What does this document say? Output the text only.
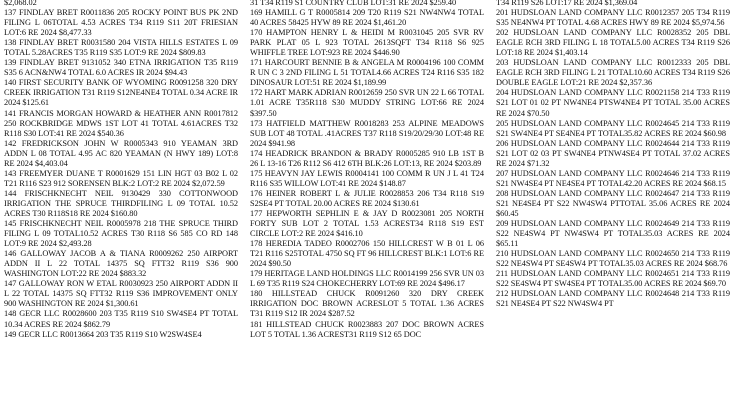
$2,068.02

137 FINDLAY BRET R0011836 205 ROCKY POINT BUS PK 2ND FILING L 06TOTAL 4.53 ACRES T34 R119 S11 20T FRIESIAN LOT:6 RE 2024 $8,477.33

138 FINDLAY BRET R0031580 204 VISTA HILLS ESTATES L 09 TOTAL 5.28ACRES T35 R119 S35 LOT:9 RE 2024 $809.83

139 FINDLAY BRET 9131052 340 ETNA IRRIGATION T35 R119 S35 6 ACN&NW4 TOTAL 6.0 ACRES IR 2024 $94.43

140 FIRST SECURITY BANK OF WYOMING R0091258 320 DRY CREEK IRRIGATION T31 R119 S12NE4NE4 TOTAL 0.34 ACRE IR 2024 $125.61

141 FRANCIS MORGAN HOWARD & HEATHER ANN R0017812 250 ROCKBRIDGE MDWS 1ST LOT 41 TOTAL 4.61ACRES T32 R118 S30 LOT:41 RE 2024 $540.36

142 FREDRICKSON JOHN W R0005343 910 YEAMAN 3RD ADDN L 08 TOTAL 4.95 AC 820 YEAMAN (N HWY 189) LOT:8 RE 2024 $4,403.04

143 FREEMYER DUANE T R0001629 151 LIN HGT 03 B02 L 02 T21 R116 S23 912 SORENSEN BLK:2 LOT:2 RE 2024 $2,072.59

144 FRISCHKNECHT NEIL 9130429 330 COTTONWOOD IRRIGATION THE SPRUCE THIRDFILING L 09 TOTAL 10.52 ACRES T30 R118S18 RE 2024 $160.80

145 FRISCHKNECHT NEIL R0005978 218 THE SPRUCE THIRD FILING L 09 TOTAL10.52 ACRES T30 R118 S6 585 CO RD 148 LOT:9 RE 2024 $2,493.28

146 GALLOWAY JACOB A & TIANA R0009262 250 AIRPORT ADDN II L 22 TOTAL 14375 SQ FTT32 R119 S36 900 WASHINGTON LOT:22 RE 2024 $883.32

147 GALLOWAY RON W ETAL R0030923 250 AIRPORT ADDN II L 22 TOTAL 14375 SQ FTT32 R119 S36 IMPROVEMENT ONLY 900 WASHINGTON RE 2024 $1,300.61

148 GECR LLC R0028600 203 T35 R119 S10 SW4SE4 PT TOTAL 10.34 ACRES RE 2024 $862.79

149 GECR LLC R0013664 203 T35 R119 S10 W2SW4SE4

31 T34 R119 S1 COUNTRY CLUB LOT:31 RE 2024 $259.40

169 HAMILL G T R0005814 209 T20 R119 S21 NW4NW4 TOTAL 40 ACRES 58425 HYW 89 RE 2024 $1,461.20

170 HAMPTON HENRY L & HEIDI M R0031045 205 SVR RV PARK PLAT 05 L 923 TOTAL 2613SQFT T34 R118 S6 925 WHIFFLE TREE LOT:923 RE 2024 $446.90

171 HARCOURT BENNIE B & ANGELA M R0004196 100 COMM R UN C 3 2ND FILING L 51 TOTAL4.66 ACRES T24 R116 S35 182 DINOSAUR LOT:51 RE 2024 $1,189.99

172 HART MARK ADRIAN R0012659 250 SVR UN 22 L 66 TOTAL 1.01 ACRE T35R118 S30 MUDDY STRING LOT:66 RE 2024 $397.50

173 HATFIELD MATTHEW R0018283 253 ALPINE MEADOWS SUB LOT 48 TOTAL .41ACRES T37 R118 S19/20/29/30 LOT:48 RE 2024 $941.98

174 HEADRICK BRANDON & BRADY R0005285 910 LB 1ST B 26 L 13-16 T26 R112 S6 412 6TH BLK:26 LOT:13, RE 2024 $203.89

175 HEAVYN JAY LEWIS R0004141 100 COMM R UN J L 41 T24 R116 S35 WILLOW LOT:41 RE 2024 $148.87

176 HEINER ROBERT L & JULIE R0028853 206 T34 R118 S19 S2SE4 PT TOTAL 20.00 ACRES RE 2024 $130.61

177 HEPWORTH SEPHLIN E & JAY D R0023081 205 NORTH FORTY SUB LOT 2 TOTAL 1.53 ACREST34 R118 S19 EST CIRCLE LOT:2 RE 2024 $416.10

178 HEREDIA TADEO R0002706 150 HILLCREST W B 01 L 06 T21 R116 S25TOTAL 4750 SQ FT 96 HILLCREST BLK:1 LOT:6 RE 2024 $90.50

179 HERITAGE LAND HOLDINGS LLC R0014199 256 SVR UN 03 L 69 T35 R119 S24 CHOKECHERRY LOT:69 RE 2024 $496.17

180 HILLSTEAD CHUCK R0091260 320 DRY CREEK IRRIGATION DOC BROWN ACRESLOT 5 TOTAL 1.36 ACRES T31 R119 S12 IR 2024 $287.52

181 HILLSTEAD CHUCK R0023883 207 DOC BROWN ACRES LOT 5 TOTAL 1.36 ACREST31 R119 S12 65 DOC

T34 R119 S26 LOT:17 RE 2024 $1,369.04

201 HUDSLOAN LAND COMPANY LLC R0012357 205 T34 R119 S35 NE4NW4 PT TOTAL 4.68 ACRES HWY 89 RE 2024 $5,974.56

202 HUDSLOAN LAND COMPANY LLC R0028352 205 DBL EAGLE RCH 3RD FILING L 18 TOTAL5.00 ACRES T34 R119 S26 LOT:18 RE 2024 $1,403.14

203 HUDSLOAN LAND COMPANY LLC R0012333 205 DBL EAGLE RCH 3RD FILING L 21 TOTAL10.60 ACRES T34 R119 S26 DOUBLE EAGLE LOT:21 RE 2024 $2,357.36

204 HUDSLOAN LAND COMPANY LLC R0021158 214 T33 R119 S21 LOT 01 02 PT NW4NE4 PTSW4NE4 PT TOTAL 35.00 ACRES RE 2024 $70.50

205 HUDSLOAN LAND COMPANY LLC R0024645 214 T33 R119 S21 SW4NE4 PT SE4NE4 PT TOTAL35.82 ACRES RE 2024 $60.98

206 HUDSLOAN LAND COMPANY LLC R0024644 214 T33 R119 S21 LOT 02 03 PT SW4NE4 PTNW4SE4 PT TOTAL 37.02 ACRES RE 2024 $71.32

207 HUDSLOAN LAND COMPANY LLC R0024646 214 T33 R119 S21 NW4SE4 PT NE4SE4 PT TOTAL42.20 ACRES RE 2024 $68.15

208 HUDSLOAN LAND COMPANY LLC R0024647 214 T33 R119 S21 NE4SE4 PT S22 NW4SW4 PTTOTAL 35.06 ACRES RE 2024 $60.45

209 HUDSLOAN LAND COMPANY LLC R0024649 214 T33 R119 S22 NE4SW4 PT NW4SW4 PT TOTAL35.03 ACRES RE 2024 $65.11

210 HUDSLOAN LAND COMPANY LLC R0024650 214 T33 R119 S22 NE4SW4 PT SE4SW4 PT TOTAL35.03 ACRES RE 2024 $68.76

211 HUDSLOAN LAND COMPANY LLC R0024651 214 T33 R119 S22 SE4SW4 PT SW4SE4 PT TOTAL35.00 ACRES RE 2024 $69.70

212 HUDSLOAN LAND COMPANY LLC R0024648 214 T33 R119 S21 NE4SE4 PT S22 NW4SW4 PT
